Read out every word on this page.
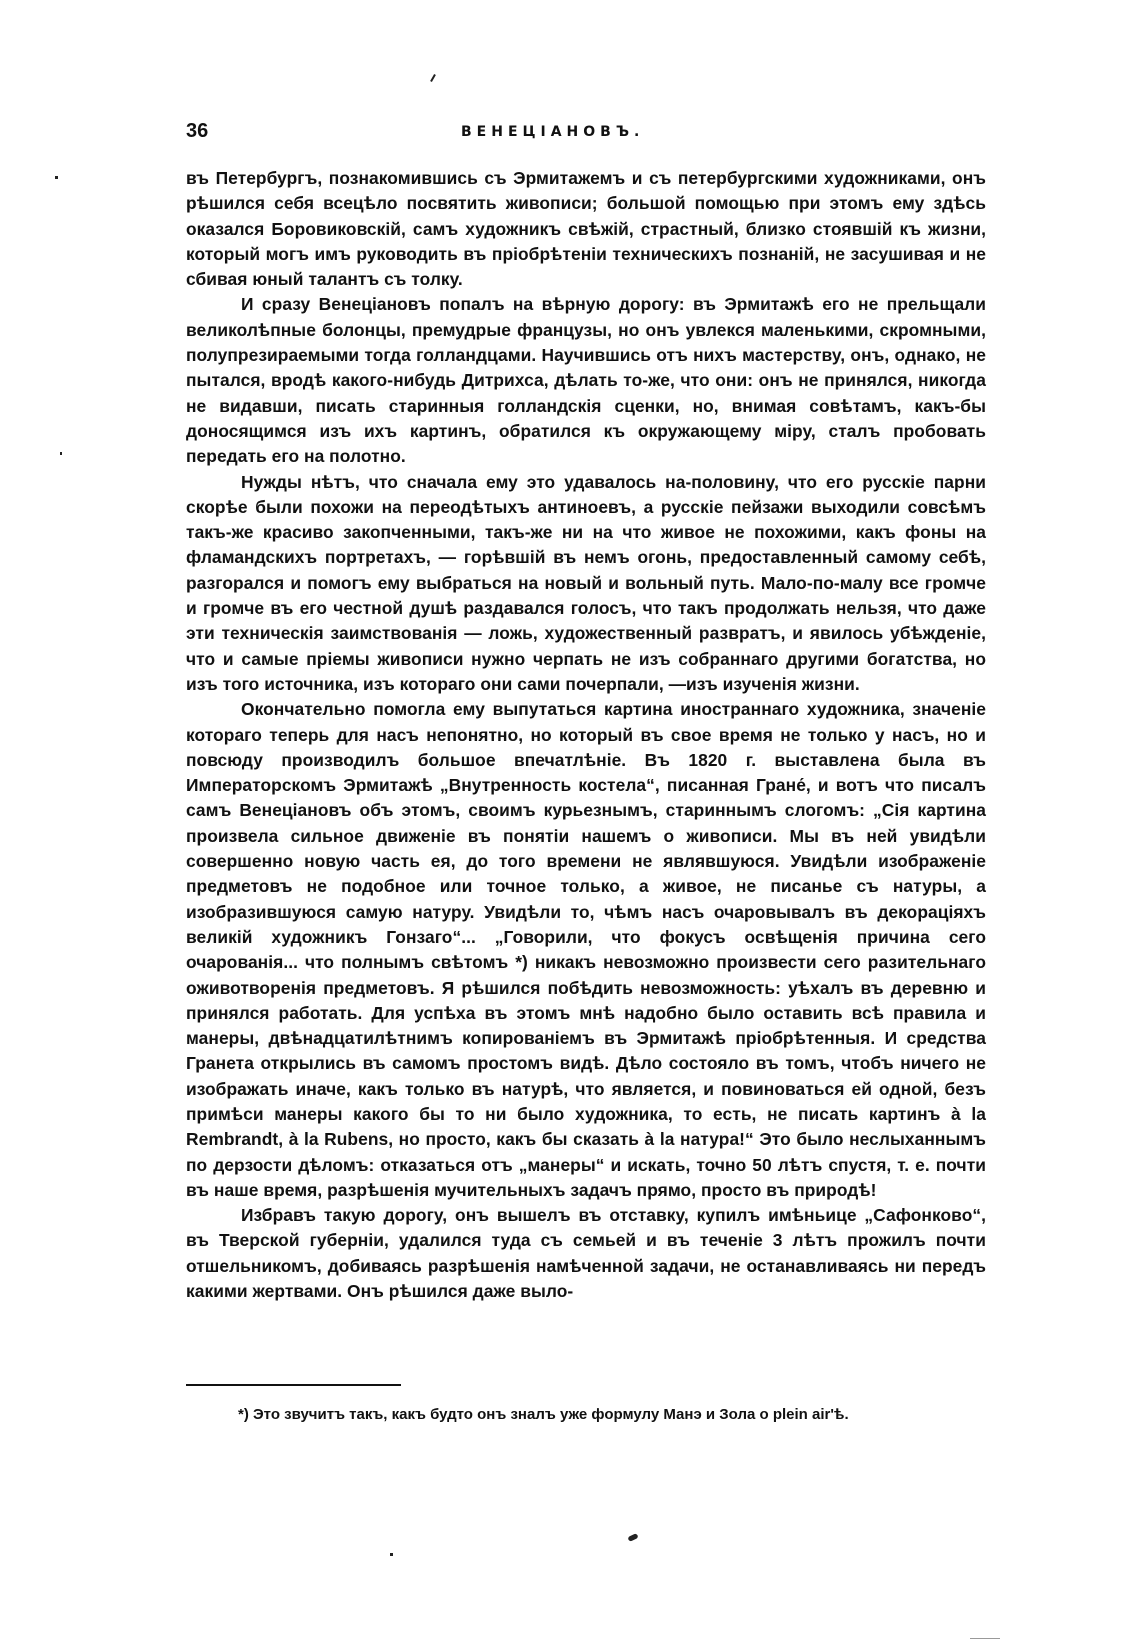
36	ВЕНЕЦІАНОВЪ.

въ Петербургъ, познакомившись съ Эрмитажемъ и съ петербургскими художниками, онъ рѣшился себя всецѣло посвятить живописи; большой помощью при этомъ ему здѣсь оказался Боровиковскій, самъ художникъ свѣжій, страстный, близко стоявшій къ жизни, который могъ имъ руководить въ пріобрѣтеніи техническихъ познаній, не засушивая и не сбивая юный талантъ съ толку.

И сразу Венеціановъ попалъ на вѣрную дорогу: въ Эрмитажѣ его не прельщали великолѣпные болонцы, премудрые французы, но онъ увлекся маленькими, скромными, полупрезираемыми тогда голландцами. Научившись отъ нихъ мастерству, онъ, однако, не пытался, вродѣ какого-нибудь Дитрихса, дѣлать то-же, что они: онъ не принялся, никогда не видавши, писать старинныя голландскія сценки, но, внимая совѣтамъ, какъ-бы доносящимся изъ ихъ картинъ, обратился къ окружающему міру, сталъ пробовать передать его на полотно.

Нужды нѣтъ, что сначала ему это удавалось на-половину, что его русскіе парни скорѣе были похожи на переодѣтыхъ антиноевъ, а русскіе пейзажи выходили совсѣмъ такъ-же красиво закопченными, такъ-же ни на что живое не похожими, какъ фоны на фламандскихъ портретахъ, — горѣвшій въ немъ огонь, предоставленный самому себѣ, разгорался и помогъ ему выбраться на новый и вольный путь. Мало-по-малу все громче и громче въ его честной душѣ раздавался голосъ, что такъ продолжать нельзя, что даже эти техническія заимствованія — ложь, художественный развратъ, и явилось убѣжденіе, что и самые пріемы живописи нужно черпать не изъ собраннаго другими богатства, но изъ того источника, изъ котораго они сами почерпали, —изъ изученія жизни.

Окончательно помогла ему выпутаться картина иностраннаго художника, значеніе котораго теперь для насъ непонятно, но который въ свое время не только у насъ, но и повсюду производилъ большое впечатлѣніе. Въ 1820 г. выставлена была въ Императорскомъ Эрмитажѣ „Внутренность костела“, писанная Гране́, и вотъ что писалъ самъ Венеціановъ объ этомъ, своимъ курьезнымъ, стариннымъ слогомъ: „Сія картина произвела сильное движеніе въ понятіи нашемъ о живописи. Мы въ ней увидѣли совершенно новую часть ея, до того времени не являвшуюся. Увидѣли изображеніе предметовъ не подобное или точное только, а живое, не писанье съ натуры, а изобразившуюся самую натуру. Увидѣли то, чѣмъ насъ очаровывалъ въ декораціяхъ великій художникъ Гонзаго“... „Говорили, что фокусъ освѣщенія причина сего очарованія... что полнымъ свѣтомъ *) никакъ невозможно произвести сего разительнаго оживотворенія предметовъ. Я рѣшился побѣдить невозможность: уѣхалъ въ деревню и принялся работать. Для успѣха въ этомъ мнѣ надобно было оставить всѣ правила и манеры, двѣнадцатилѣтнимъ копированіемъ въ Эрмитажѣ пріобрѣтенныя. И средства Гранета открылись въ самомъ простомъ видѣ. Дѣло состояло въ томъ, чтобъ ничего не изображать иначе, какъ только въ натурѣ, что является, и повиноваться ей одной, безъ примѣси манеры какого бы то ни было художника, то есть, не писать картинъ à la Rembrandt, à la Rubens, но просто, какъ бы сказать à la натура!“ Это было неслыханнымъ по дерзости дѣломъ: отказаться отъ „манеры“ и искать, точно 50 лѣтъ спустя, т. е. почти въ наше время, разрѣшенія мучительныхъ задачъ прямо, просто въ природѣ!

Избравъ такую дорогу, онъ вышелъ въ отставку, купилъ имѣньице „Сафонково“, въ Тверской губерніи, удалился туда съ семьей и въ теченіе 3 лѣтъ прожилъ почти отшельникомъ, добиваясь разрѣшенія намѣченной задачи, не останавливаясь ни передъ какими жертвами. Онъ рѣшился даже выло-

*) Это звучитъ такъ, какъ будто онъ зналъ уже формулу Манэ и Зола о plein air'ѣ.
